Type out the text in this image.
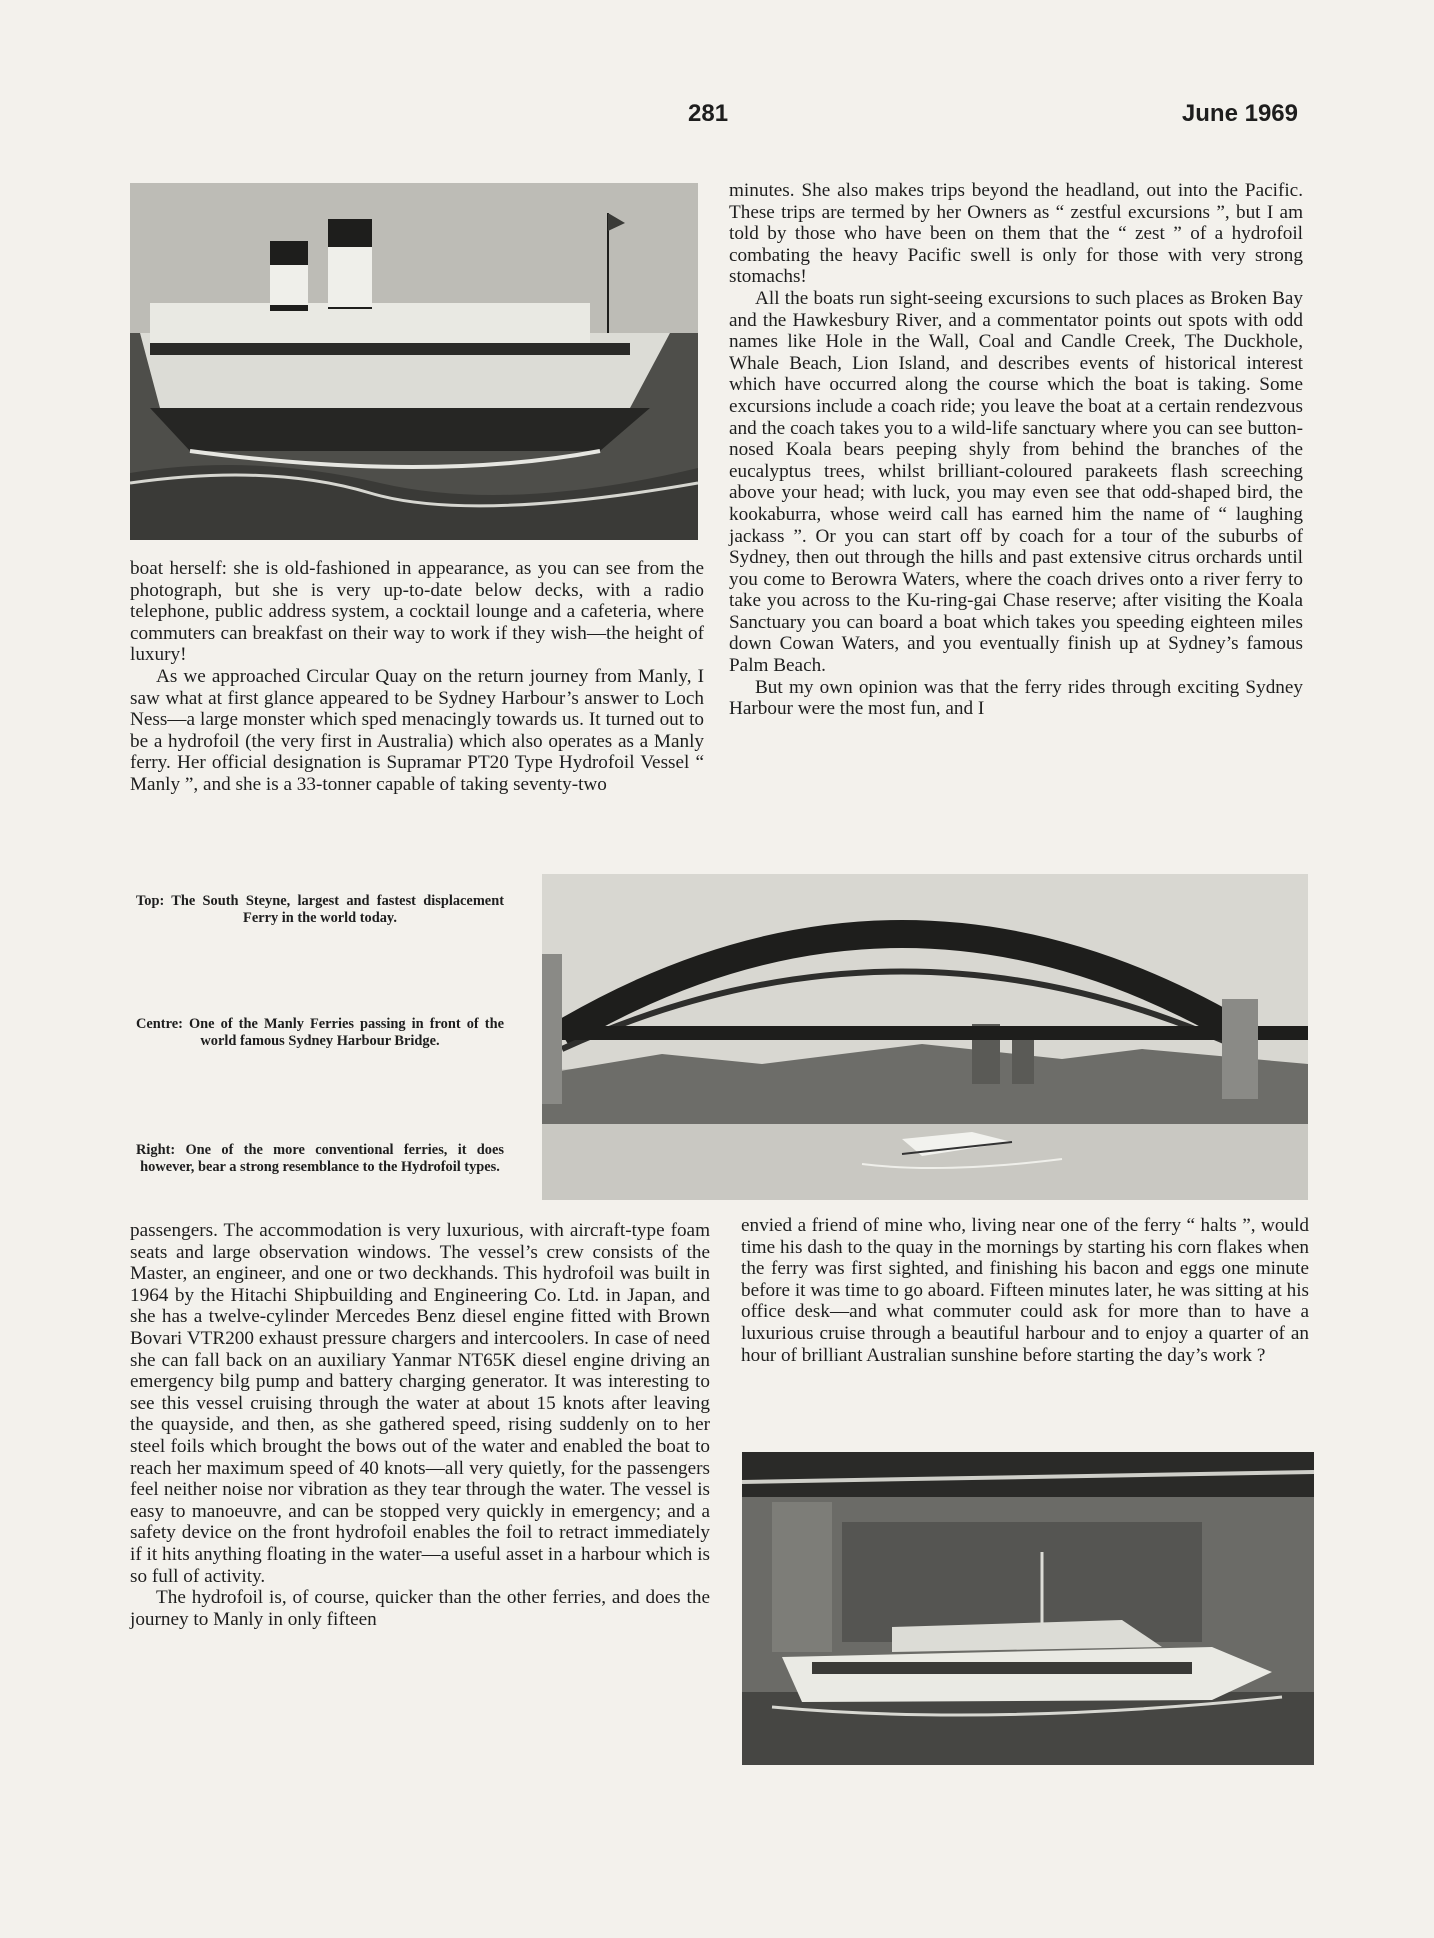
281	June 1969

boat herself: she is old-fashioned in appearance, as you can see from the photograph, but she is very up-to-date below decks, with a radio telephone, public address system, a cocktail lounge and a cafeteria, where commuters can breakfast on their way to work if they wish—the height of luxury!

As we approached Circular Quay on the return journey from Manly, I saw what at first glance appeared to be Sydney Harbour’s answer to Loch Ness—a large monster which sped menacingly towards us. It turned out to be a hydrofoil (the very first in Australia) which also operates as a Manly ferry. Her official designation is Supramar PT20 Type Hydrofoil Vessel “ Manly ”, and she is a 33-tonner capable of taking seventy-two

minutes. She also makes trips beyond the headland, out into the Pacific. These trips are termed by her Owners as “ zestful excursions ”, but I am told by those who have been on them that the “ zest ” of a hydrofoil combating the heavy Pacific swell is only for those with very strong stomachs!

All the boats run sight-seeing excursions to such places as Broken Bay and the Hawkesbury River, and a commentator points out spots with odd names like Hole in the Wall, Coal and Candle Creek, The Duckhole, Whale Beach, Lion Island, and describes events of historical interest which have occurred along the course which the boat is taking. Some excursions include a coach ride; you leave the boat at a certain rendezvous and the coach takes you to a wild-life sanctuary where you can see button-nosed Koala bears peeping shyly from behind the branches of the eucalyptus trees, whilst brilliant-coloured parakeets flash screeching above your head; with luck, you may even see that odd-shaped bird, the kookaburra, whose weird call has earned him the name of “ laughing jackass ”. Or you can start off by coach for a tour of the suburbs of Sydney, then out through the hills and past extensive citrus orchards until you come to Berowra Waters, where the coach drives onto a river ferry to take you across to the Ku-ring-gai Chase reserve; after visiting the Koala Sanctuary you can board a boat which takes you speeding eighteen miles down Cowan Waters, and you eventually finish up at Sydney’s famous Palm Beach.

But my own opinion was that the ferry rides through exciting Sydney Harbour were the most fun, and I

passengers. The accommodation is very luxurious, with aircraft-type foam seats and large observation windows. The vessel’s crew consists of the Master, an engineer, and one or two deckhands. This hydrofoil was built in 1964 by the Hitachi Shipbuilding and Engineering Co. Ltd. in Japan, and she has a twelve-cylinder Mercedes Benz diesel engine fitted with Brown Bovari VTR200 exhaust pressure chargers and intercoolers. In case of need she can fall back on an auxiliary Yanmar NT65K diesel engine driving an emergency bilg pump and battery charging generator. It was interesting to see this vessel cruising through the water at about 15 knots after leaving the quayside, and then, as she gathered speed, rising suddenly on to her steel foils which brought the bows out of the water and enabled the boat to reach her maximum speed of 40 knots—all very quietly, for the passengers feel neither noise nor vibration as they tear through the water. The vessel is easy to manoeuvre, and can be stopped very quickly in emergency; and a safety device on the front hydrofoil enables the foil to retract immediately if it hits anything floating in the water—a useful asset in a harbour which is so full of activity.

The hydrofoil is, of course, quicker than the other ferries, and does the journey to Manly in only fifteen

envied a friend of mine who, living near one of the ferry “ halts ”, would time his dash to the quay in the mornings by starting his corn flakes when the ferry was first sighted, and finishing his bacon and eggs one minute before it was time to go aboard. Fifteen minutes later, he was sitting at his office desk—and what commuter could ask for more than to have a luxurious cruise through a beautiful harbour and to enjoy a quarter of an hour of brilliant Australian sunshine before starting the day’s work ?

Top: The South Steyne, largest and fastest displacement Ferry in the world today.
Centre: One of the Manly Ferries passing in front of the world famous Sydney Harbour Bridge.
Right: One of the more conventional ferries, it does however, bear a strong resemblance to the Hydrofoil types.
